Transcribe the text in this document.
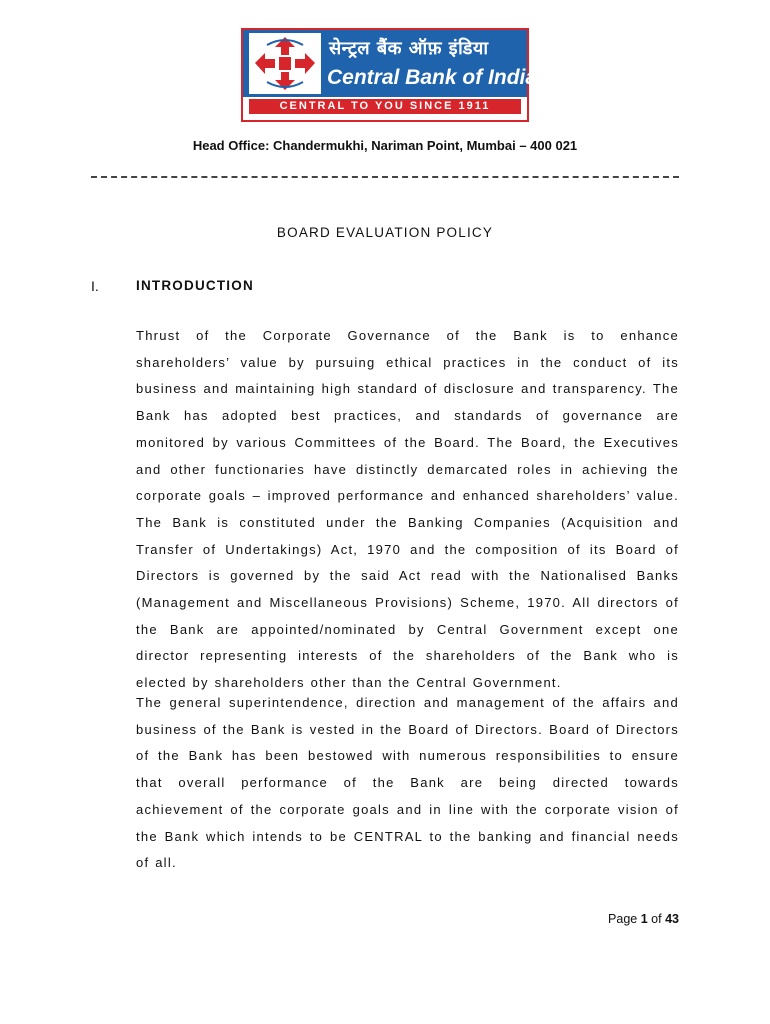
सेन्ट्रल बैंक ऑफ़ इंडिया
Central Bank of India
CENTRAL TO YOU SINCE 1911
Head Office: Chandermukhi, Nariman Point, Mumbai – 400 021
BOARD EVALUATION POLICY
I.	INTRODUCTION

Thrust of the Corporate Governance of the Bank is to enhance shareholders’ value by pursuing ethical practices in the conduct of its business and maintaining high standard of disclosure and transparency. The Bank has adopted best practices, and standards of governance are monitored by various Committees of the Board. The Board, the Executives and other functionaries have distinctly demarcated roles in achieving the corporate goals – improved performance and enhanced shareholders’ value. The Bank is constituted under the Banking Companies (Acquisition and Transfer of Undertakings) Act, 1970 and the composition of its Board of Directors is governed by the said Act read with the Nationalised Banks (Management and Miscellaneous Provisions) Scheme, 1970. All directors of the Bank are appointed/nominated by Central Government except one director representing interests of the shareholders of the Bank who is elected by shareholders other than the Central Government.

The general superintendence, direction and management of the affairs and business of the Bank is vested in the Board of Directors. Board of Directors of the Bank has been bestowed with numerous responsibilities to ensure that overall performance of the Bank are being directed towards achievement of the corporate goals and in line with the corporate vision of the Bank which intends to be CENTRAL to the banking and financial needs of all.

Page 1 of 43
